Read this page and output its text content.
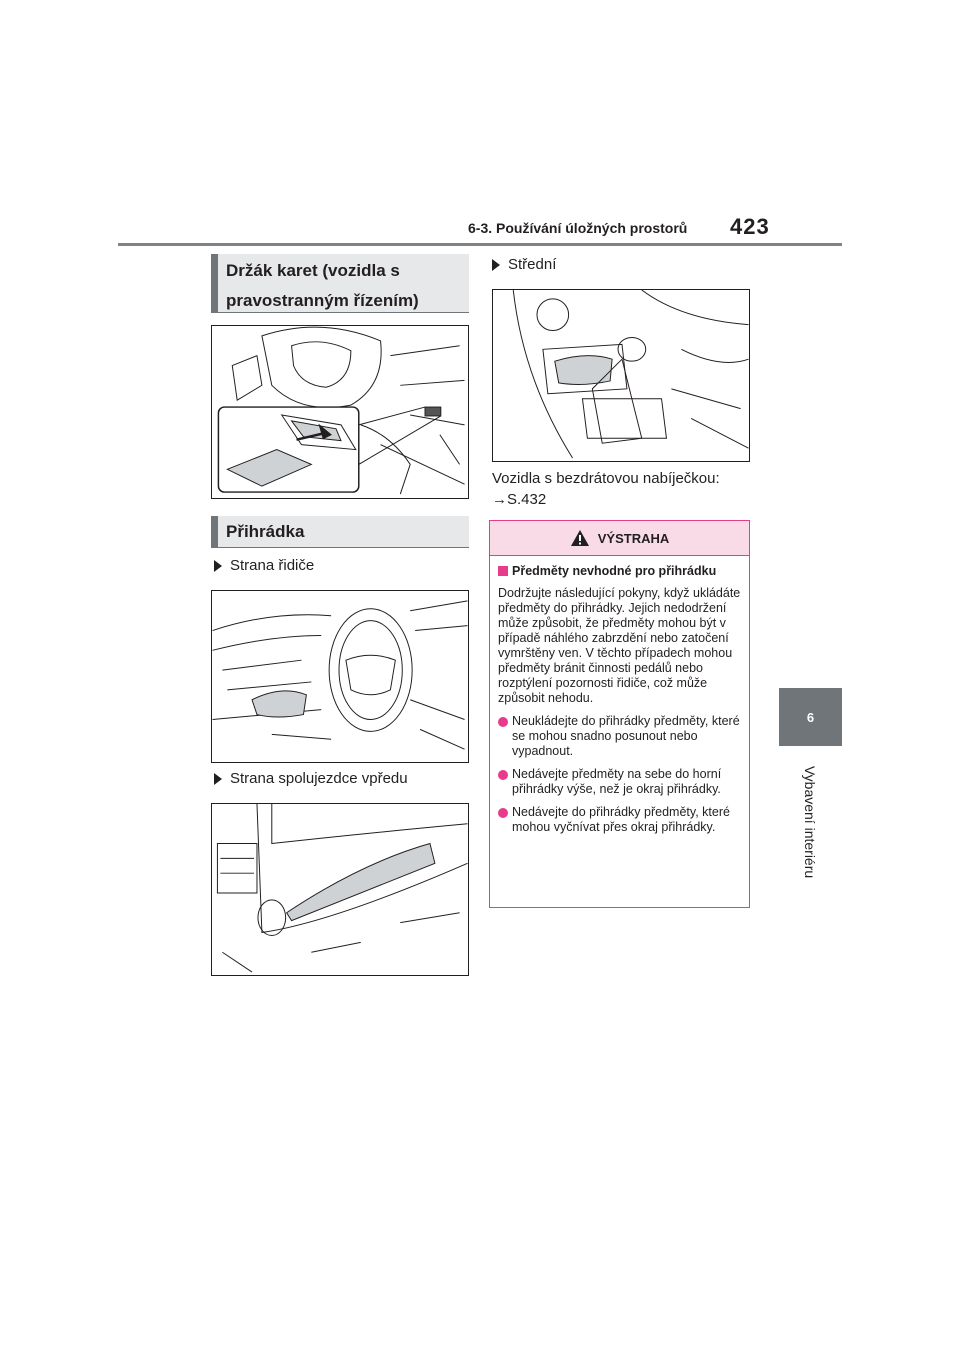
6-3. Používání úložných prostorů 423
6
Vybavení interiéru
Držák karet (vozidla s pravostranným řízením)
Přihrádka
Strana řidiče
Strana spolujezdce vpředu
Střední
Vozidla s bezdrátovou nabíječkou:
→S.432
VÝSTRAHA
Předměty nevhodné pro přihrádku
Dodržujte následující pokyny, když ukládáte předměty do přihrádky. Jejich nedodržení může způsobit, že předměty mohou být v případě náhlého zabrzdění nebo zatočení vymrštěny ven. V těchto případech mohou předměty bránit činnosti pedálů nebo rozptýlení pozornosti řidiče, což může způsobit nehodu.
Neukládejte do přihrádky předměty, které se mohou snadno posunout nebo vypadnout.
Nedávejte předměty na sebe do horní přihrádky výše, než je okraj přihrádky.
Nedávejte do přihrádky předměty, které mohou vyčnívat přes okraj přihrádky.
